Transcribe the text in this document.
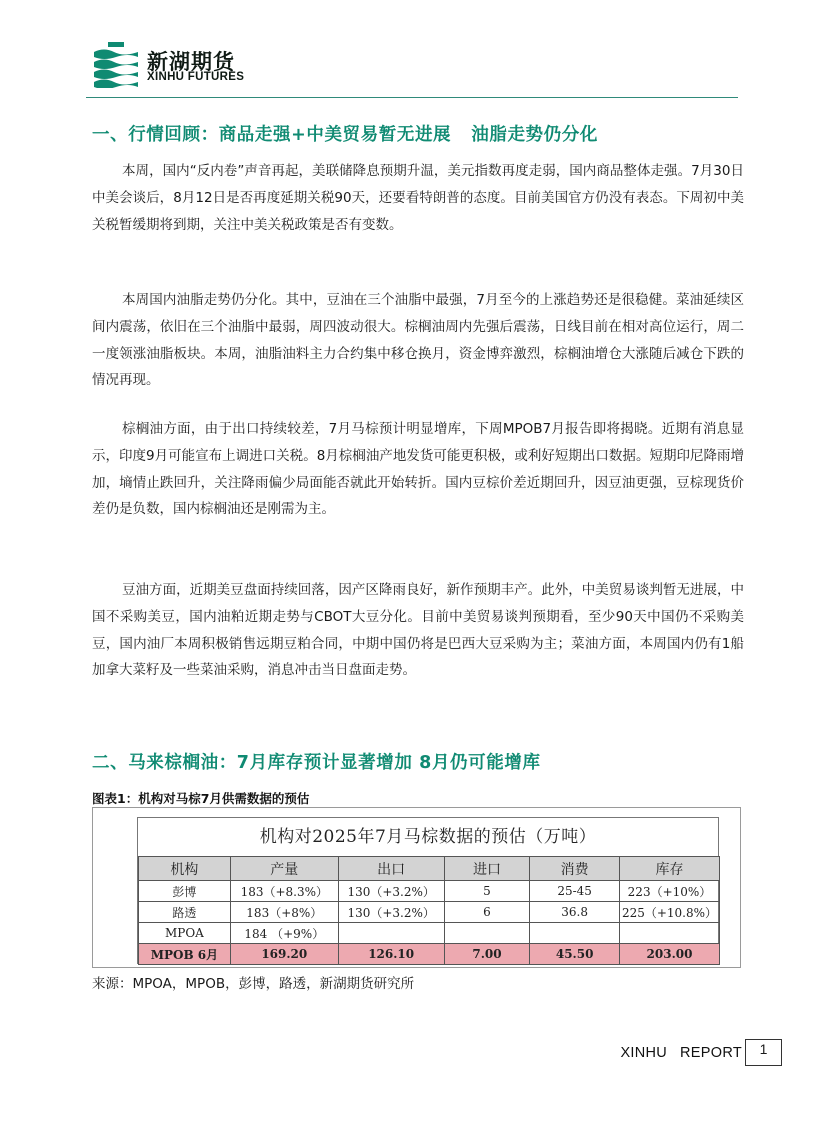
新湖期货
XINHU FUTURES
一、行情回顾：商品走强+中美贸易暂无进展   油脂走势仍分化
本周，国内“反内卷”声音再起，美联储降息预期升温，美元指数再度走弱，国内商品整体走强。7月30日中美会谈后，8月12日是否再度延期关税90天，还要看特朗普的态度。目前美国官方仍没有表态。下周初中美关税暂缓期将到期，关注中美关税政策是否有变数。
本周国内油脂走势仍分化。其中，豆油在三个油脂中最强，7月至今的上涨趋势还是很稳健。菜油延续区间内震荡，依旧在三个油脂中最弱，周四波动很大。棕榈油周内先强后震荡，日线目前在相对高位运行，周二一度领涨油脂板块。本周，油脂油料主力合约集中移仓换月，资金博弈激烈，棕榈油增仓大涨随后减仓下跌的情况再现。
棕榈油方面，由于出口持续较差，7月马棕预计明显增库，下周MPOB7月报告即将揭晓。近期有消息显示，印度9月可能宣布上调进口关税。8月棕榈油产地发货可能更积极，或利好短期出口数据。短期印尼降雨增加，墒情止跌回升，关注降雨偏少局面能否就此开始转折。国内豆棕价差近期回升，因豆油更强，豆棕现货价差仍是负数，国内棕榈油还是刚需为主。
豆油方面，近期美豆盘面持续回落，因产区降雨良好，新作预期丰产。此外，中美贸易谈判暂无进展，中国不采购美豆，国内油粕近期走势与CBOT大豆分化。目前中美贸易谈判预期看，至少90天中国仍不采购美豆，国内油厂本周积极销售远期豆粕合同，中期中国仍将是巴西大豆采购为主；菜油方面，本周国内仍有1船加拿大菜籽及一些菜油采购，消息冲击当日盘面走势。
二、马来棕榈油：7月库存预计显著增加 8月仍可能增库
图表1：机构对马棕7月供需数据的预估
机构对2025年7月马棕数据的预估（万吨）
机构	产量	出口	进口	消费	库存
彭博	183（+8.3%）	130（+3.2%）	5	25-45	223（+10%）
路透	183（+8%）	130（+3.2%）	6	36.8	225（+10.8%）
MPOA	184 （+9%）				
MPOB 6月	169.20	126.10	7.00	45.50	203.00
来源：MPOA，MPOB，彭博，路透，新湖期货研究所
XINHU   REPORT	1
